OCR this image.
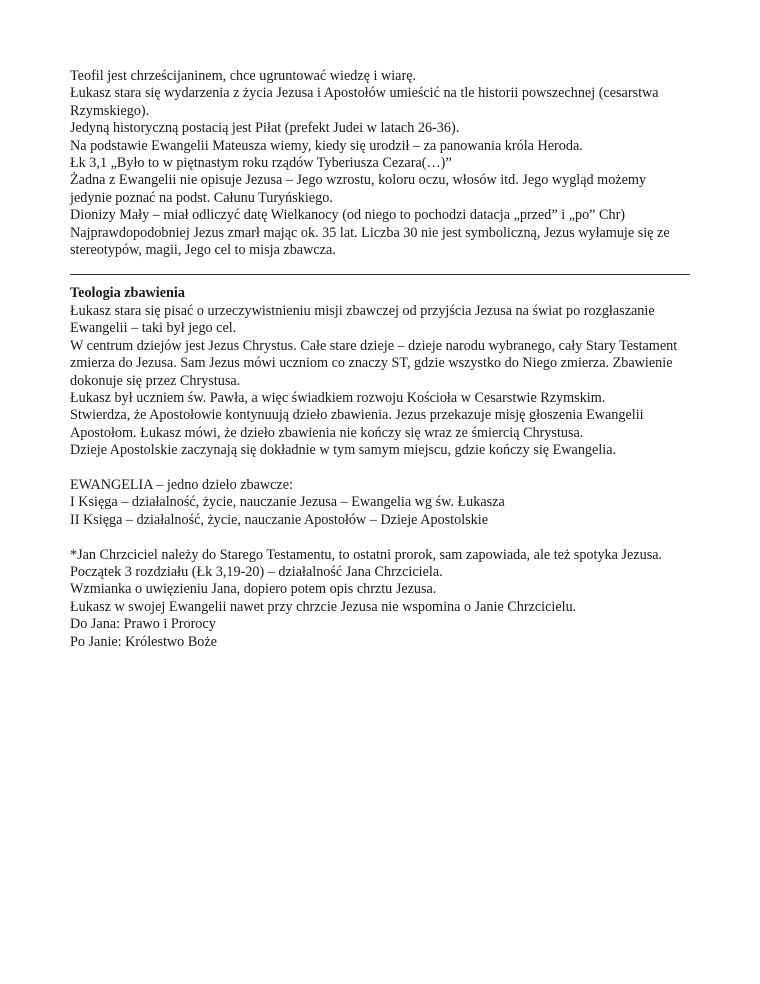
Teofil jest chrześcijaninem, chce ugruntować wiedzę i wiarę.

Łukasz stara się wydarzenia z życia Jezusa i Apostołów umieścić na tle historii powszechnej (cesarstwa Rzymskiego).

Jedyną historyczną postacią jest Piłat (prefekt Judei w latach 26-36).

Na podstawie Ewangelii Mateusza wiemy, kiedy się urodził – za panowania króla Heroda.

Łk 3,1 „Było to w piętnastym roku rządów Tyberiusza Cezara(…)”

Żadna z Ewangelii nie opisuje Jezusa – Jego wzrostu, koloru oczu, włosów itd. Jego wygląd możemy jedynie poznać na podst. Całunu Turyńskiego.

Dionizy Mały – miał odliczyć datę Wielkanocy (od niego to pochodzi datacja „przed” i „po” Chr)

Najprawdopodobniej Jezus zmarł mając ok. 35 lat. Liczba 30 nie jest symboliczną, Jezus wyłamuje się ze stereotypów, magii, Jego cel to misja zbawcza.

Teologia zbawienia

Łukasz stara się pisać o urzeczywistnieniu misji zbawczej od przyjścia Jezusa na świat po rozgłaszanie Ewangelii – taki był jego cel.

W centrum dziejów jest Jezus Chrystus. Całe stare dzieje – dzieje narodu wybranego, cały Stary Testament zmierza do Jezusa. Sam Jezus mówi uczniom co znaczy ST, gdzie wszystko do Niego zmierza. Zbawienie dokonuje się przez Chrystusa.

Łukasz był uczniem św. Pawła, a więc świadkiem rozwoju Kościoła w Cesarstwie Rzymskim.

Stwierdza, że Apostołowie kontynuują dzieło zbawienia. Jezus przekazuje misję głoszenia Ewangelii Apostołom. Łukasz mówi, że dzieło zbawienia nie kończy się wraz ze śmiercią Chrystusa.

Dzieje Apostolskie zaczynają się dokładnie w tym samym miejscu, gdzie kończy się Ewangelia.

EWANGELIA – jedno dzieło zbawcze:

I Księga – działalność, życie, nauczanie Jezusa – Ewangelia wg św. Łukasza

II Księga – działalność, życie, nauczanie Apostołów – Dzieje Apostolskie

*Jan Chrzciciel należy do Starego Testamentu, to ostatni prorok, sam zapowiada, ale też spotyka Jezusa.

Początek 3 rozdziału (Łk 3,19-20) – działalność Jana Chrzciciela.

Wzmianka o uwięzieniu Jana, dopiero potem opis chrztu Jezusa.

Łukasz w swojej Ewangelii nawet przy chrzcie Jezusa nie wspomina o Janie Chrzcicielu.

Do Jana: Prawo i Prorocy

Po Janie: Królestwo Boże
